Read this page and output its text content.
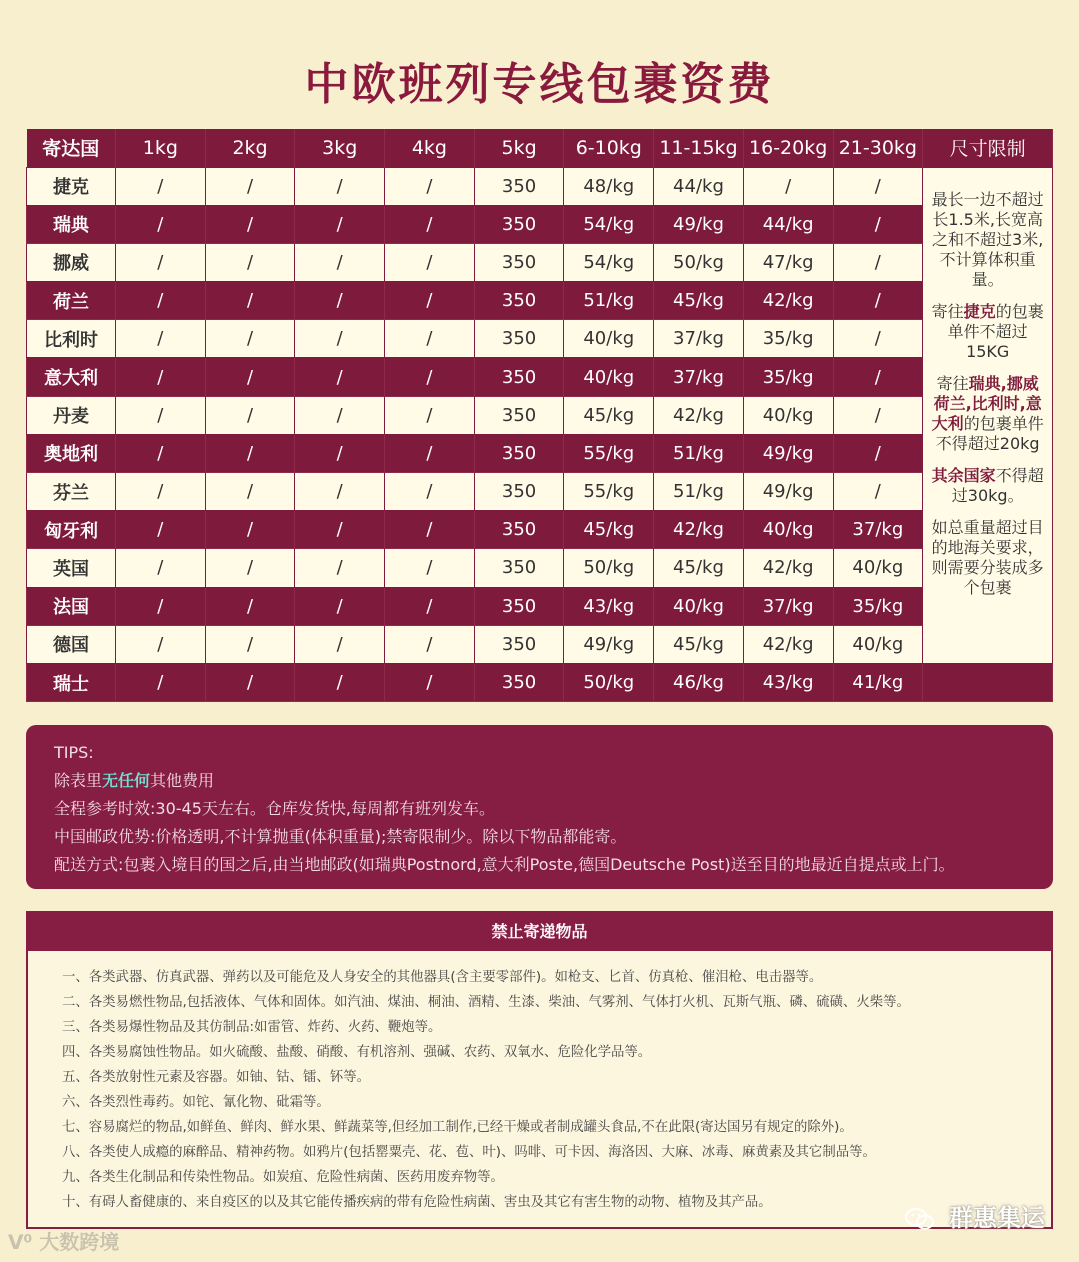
中欧班列专线包裹资费
寄达国	1kg	2kg	3kg	4kg	5kg	6-10kg	11-15kg	16-20kg	21-30kg	尺寸限制
捷克	/	/	/	/	350	48/kg	44/kg	/	/	最长一边不超过长1.5米,长宽高之和不超过3米,不计算体积重量。

寄往捷克的包裹单件不超过15KG

寄往瑞典,挪威荷兰,比利时,意大利的包裹单件不得超过20kg

其余国家不得超过30kg。

如总重量超过目的地海关要求，则需要分装成多个包裹

瑞典	/	/	/	/	350	54/kg	49/kg	44/kg	/	
挪威	/	/	/	/	350	54/kg	50/kg	47/kg	/	
荷兰	/	/	/	/	350	51/kg	45/kg	42/kg	/	
比利时	/	/	/	/	350	40/kg	37/kg	35/kg	/	
意大利	/	/	/	/	350	40/kg	37/kg	35/kg	/	
丹麦	/	/	/	/	350	45/kg	42/kg	40/kg	/	
奥地利	/	/	/	/	350	55/kg	51/kg	49/kg	/	
芬兰	/	/	/	/	350	55/kg	51/kg	49/kg	/	
匈牙利	/	/	/	/	350	45/kg	42/kg	40/kg	37/kg	
英国	/	/	/	/	350	50/kg	45/kg	42/kg	40/kg	
法国	/	/	/	/	350	43/kg	40/kg	37/kg	35/kg	
德国	/	/	/	/	350	49/kg	45/kg	42/kg	40/kg	
瑞士	/	/	/	/	350	50/kg	46/kg	43/kg	41/kg	
TIPS:
除表里无任何其他费用
全程参考时效:30-45天左右。仓库发货快,每周都有班列发车。
中国邮政优势:价格透明,不计算抛重(体积重量);禁寄限制少。除以下物品都能寄。
配送方式:包裹入境目的国之后,由当地邮政(如瑞典Postnord,意大利Poste,德国Deutsche Post)送至目的地最近自提点或上门。
禁止寄递物品
一、各类武器、仿真武器、弹药以及可能危及人身安全的其他器具(含主要零部件)。如枪支、匕首、仿真枪、催泪枪、电击器等。
二、各类易燃性物品,包括液体、气体和固体。如汽油、煤油、桐油、酒精、生漆、柴油、气雾剂、气体打火机、瓦斯气瓶、磷、硫磺、火柴等。
三、各类易爆性物品及其仿制品:如雷管、炸药、火药、鞭炮等。
四、各类易腐蚀性物品。如火硫酸、盐酸、硝酸、有机溶剂、强碱、农药、双氧水、危险化学品等。
五、各类放射性元素及容器。如铀、钴、镭、钚等。
六、各类烈性毒药。如铊、氰化物、砒霜等。
七、容易腐烂的物品,如鲜鱼、鲜肉、鲜水果、鲜蔬菜等,但经加工制作,已经干燥或者制成罐头食品,不在此限(寄达国另有规定的除外)。
八、各类使人成瘾的麻醉品、精神药物。如鸦片(包括罂粟壳、花、苞、叶)、吗啡、可卡因、海洛因、大麻、冰毒、麻黄素及其它制品等。
九、各类生化制品和传染性物品。如炭疽、危险性病菌、医药用废弃物等。
十、有碍人畜健康的、来自疫区的以及其它能传播疾病的带有危险性病菌、害虫及其它有害生物的动物、植物及其产品。
ᐯ⁰ 大数跨境
群惠集运
